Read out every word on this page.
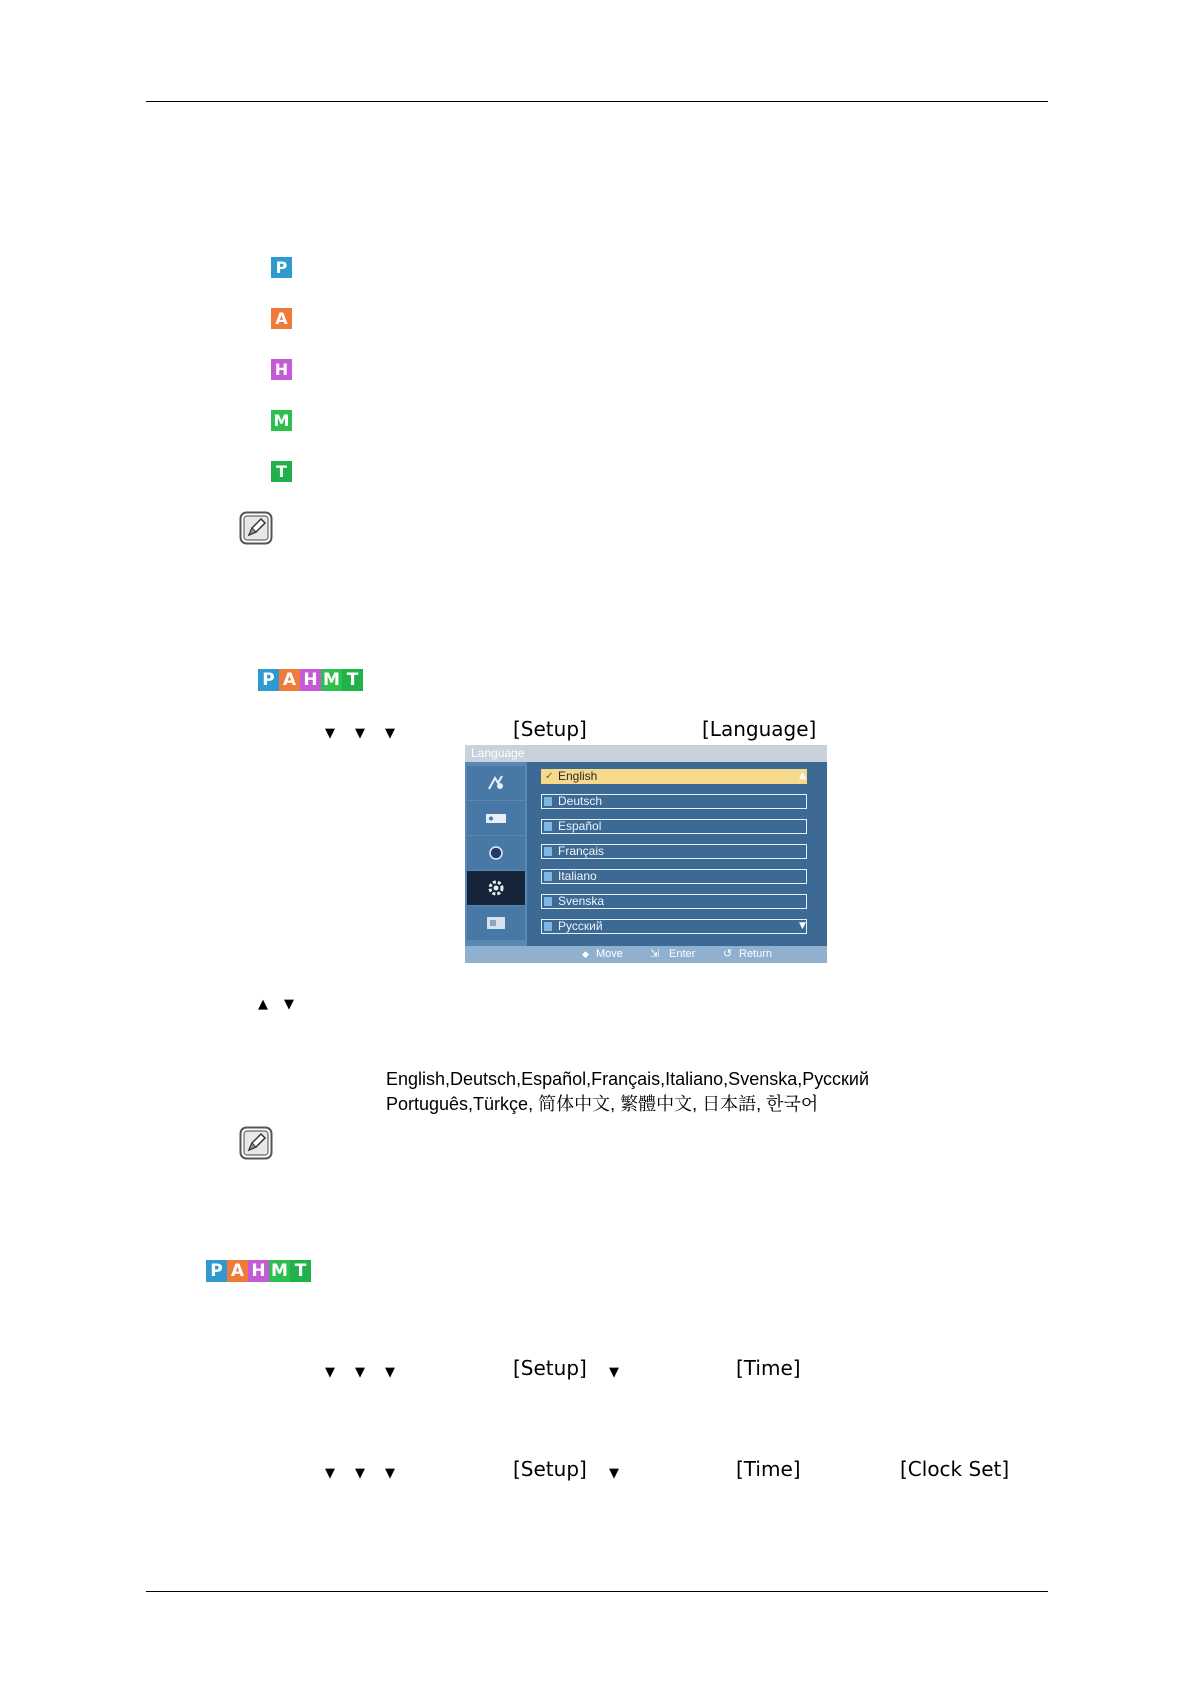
P
A
H
M
T
P A H M T
▼ ▼ ▼	[Setup]	[Language]
Language
✓ English
Deutsch
Español
Français
Italiano
Svenska
Русский
▲
▼
◆ Move ⇲ Enter	↺ Return
▲ ▼
English,Deutsch,Español,Français,Italiano,Svenska,Русский
Português,Türkçe, 简体中文, 繁體中文, 日本語, 한국어
P A H M T
▼ ▼ ▼	[Setup] ▼	[Time]
▼ ▼ ▼	[Setup] ▼	[Time]	[Clock Set]
